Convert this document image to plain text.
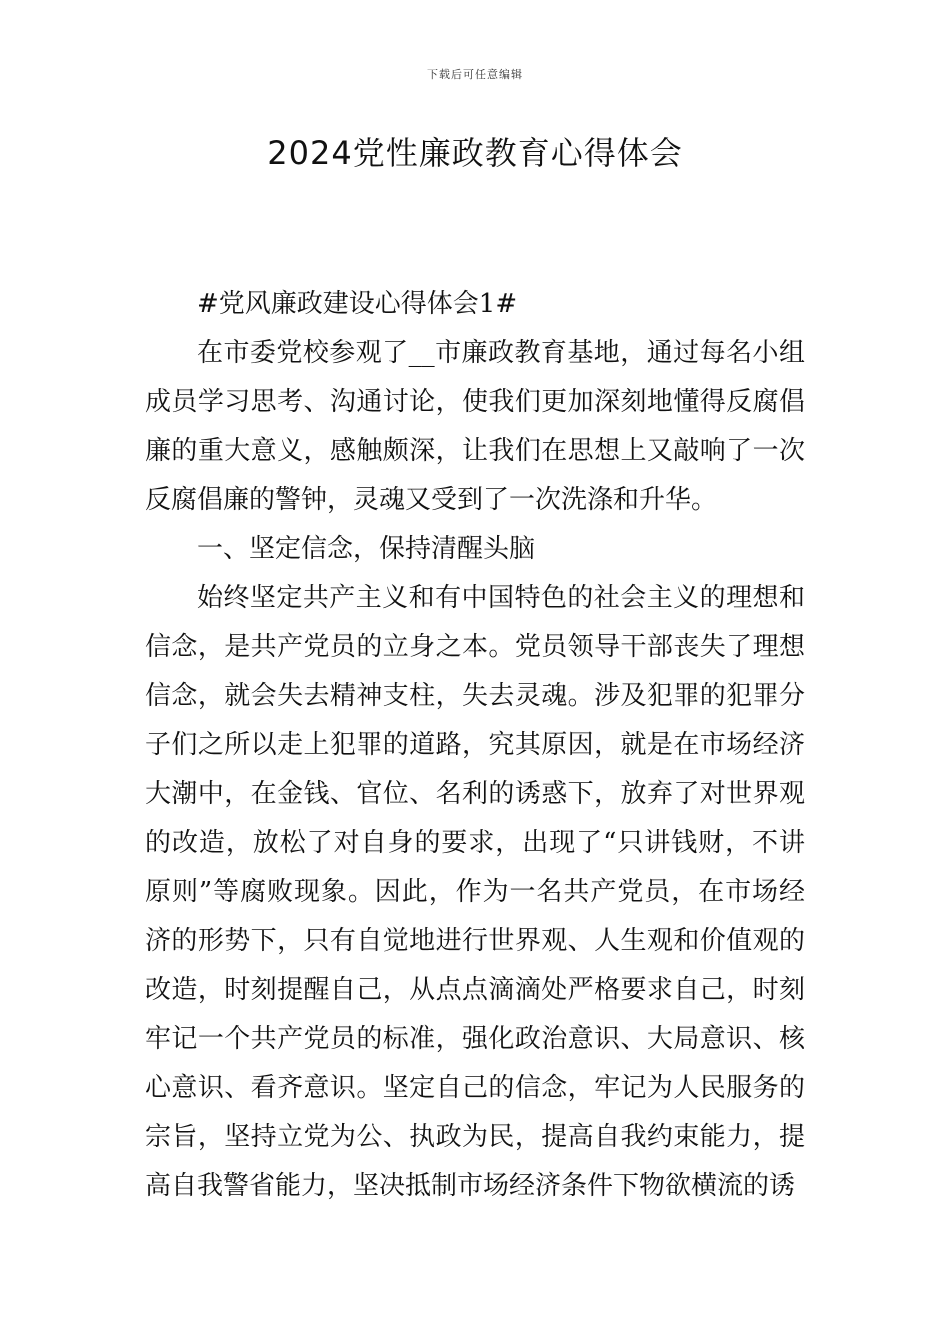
下载后可任意编辑
2024党性廉政教育心得体会

#党风廉政建设心得体会1#

在市委党校参观了__市廉政教育基地，通过每名小组成员学习思考、沟通讨论，使我们更加深刻地懂得反腐倡廉的重大意义，感触颇深，让我们在思想上又敲响了一次反腐倡廉的警钟，灵魂又受到了一次洗涤和升华。

一、坚定信念，保持清醒头脑

始终坚定共产主义和有中国特色的社会主义的理想和信念，是共产党员的立身之本。党员领导干部丧失了理想信念，就会失去精神支柱，失去灵魂。涉及犯罪的犯罪分子们之所以走上犯罪的道路，究其原因，就是在市场经济大潮中，在金钱、官位、名利的诱惑下，放弃了对世界观的改造，放松了对自身的要求，出现了“只讲钱财，不讲原则”等腐败现象。因此，作为一名共产党员，在市场经济的形势下，只有自觉地进行世界观、人生观和价值观的改造，时刻提醒自己，从点点滴滴处严格要求自己，时刻牢记一个共产党员的标准，强化政治意识、大局意识、核心意识、看齐意识。坚定自己的信念，牢记为人民服务的宗旨，坚持立党为公、执政为民，提高自我约束能力，提高自我警省能力，坚决抵制市场经济条件下物欲横流的诱
